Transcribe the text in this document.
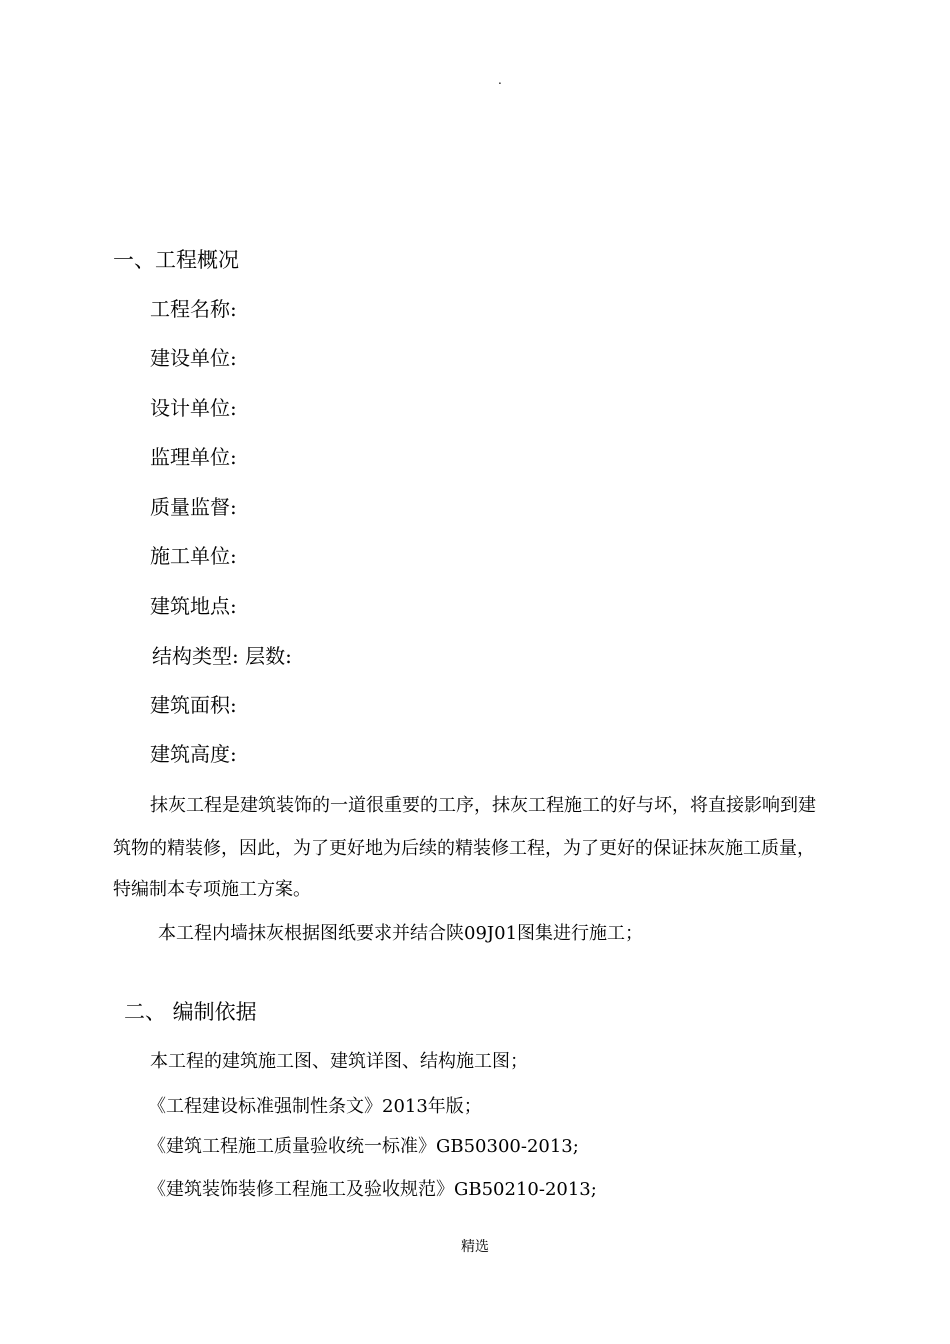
.
一、工程概况
工程名称:
建设单位:
设计单位:
监理单位:
质量监督:
施工单位:
建筑地点:
结构类型: 层数:
建筑面积:
建筑高度:
抹灰工程是建筑装饰的一道很重要的工序，抹灰工程施工的好与坏，将直接影响到建
筑物的精装修，因此，为了更好地为后续的精装修工程，为了更好的保证抹灰施工质量，
特编制本专项施工方案。
本工程内墙抹灰根据图纸要求并结合陕09J01图集进行施工；
二、 编制依据
本工程的建筑施工图、建筑详图、结构施工图；
《工程建设标准强制性条文》2013年版；
《建筑工程施工质量验收统一标准》GB50300-2013;
《建筑装饰装修工程施工及验收规范》GB50210-2013;
精选
